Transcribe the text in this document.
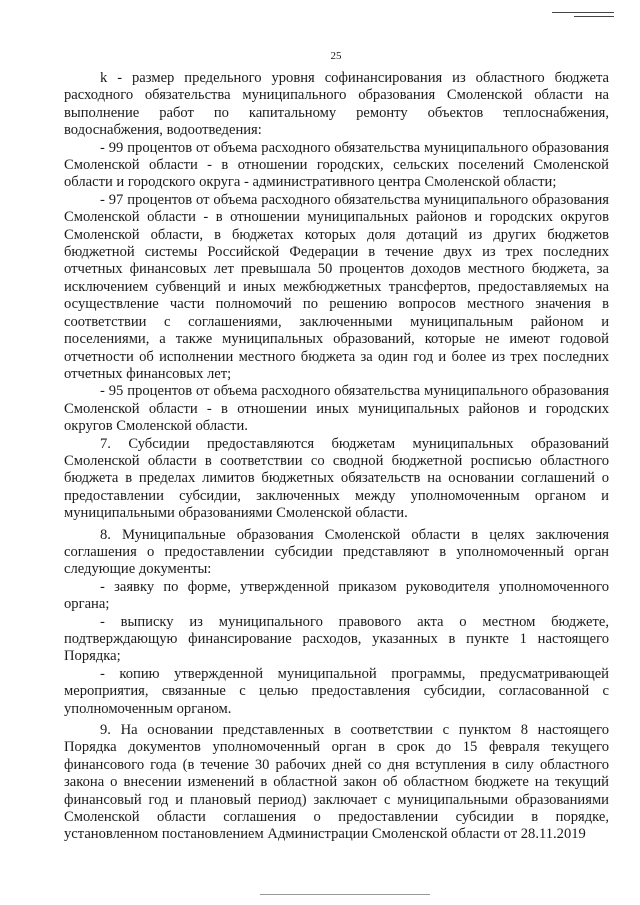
25

k - размер предельного уровня софинансирования из областного бюджета расходного обязательства муниципального образования Смоленской области на выполнение работ по капитальному ремонту объектов теплоснабжения, водоснабжения, водоотведения:

- 99 процентов от объема расходного обязательства муниципального образования Смоленской области - в отношении городских, сельских поселений Смоленской области и городского округа - административного центра Смоленской области;

- 97 процентов от объема расходного обязательства муниципального образования Смоленской области - в отношении муниципальных районов и городских округов Смоленской области, в бюджетах которых доля дотаций из других бюджетов бюджетной системы Российской Федерации в течение двух из трех последних отчетных финансовых лет превышала 50 процентов доходов местного бюджета, за исключением субвенций и иных межбюджетных трансфертов, предоставляемых на осуществление части полномочий по решению вопросов местного значения в соответствии с соглашениями, заключенными муниципальным районом и поселениями, а также муниципальных образований, которые не имеют годовой отчетности об исполнении местного бюджета за один год и более из трех последних отчетных финансовых лет;

- 95 процентов от объема расходного обязательства муниципального образования Смоленской области - в отношении иных муниципальных районов и городских округов Смоленской области.

7. Субсидии предоставляются бюджетам муниципальных образований Смоленской области в соответствии со сводной бюджетной росписью областного бюджета в пределах лимитов бюджетных обязательств на основании соглашений о предоставлении субсидии, заключенных между уполномоченным органом и муниципальными образованиями Смоленской области.

8. Муниципальные образования Смоленской области в целях заключения соглашения о предоставлении субсидии представляют в уполномоченный орган следующие документы:

- заявку по форме, утвержденной приказом руководителя уполномоченного органа;

- выписку из муниципального правового акта о местном бюджете, подтверждающую финансирование расходов, указанных в пункте 1 настоящего Порядка;

- копию утвержденной муниципальной программы, предусматривающей мероприятия, связанные с целью предоставления субсидии, согласованной с уполномоченным органом.

9. На основании представленных в соответствии с пунктом 8 настоящего Порядка документов уполномоченный орган в срок до 15 февраля текущего финансового года (в течение 30 рабочих дней со дня вступления в силу областного закона о внесении изменений в областной закон об областном бюджете на текущий финансовый год и плановый период) заключает с муниципальными образованиями Смоленской области соглашения о предоставлении субсидии в порядке, установленном постановлением Администрации Смоленской области от 28.11.2019
